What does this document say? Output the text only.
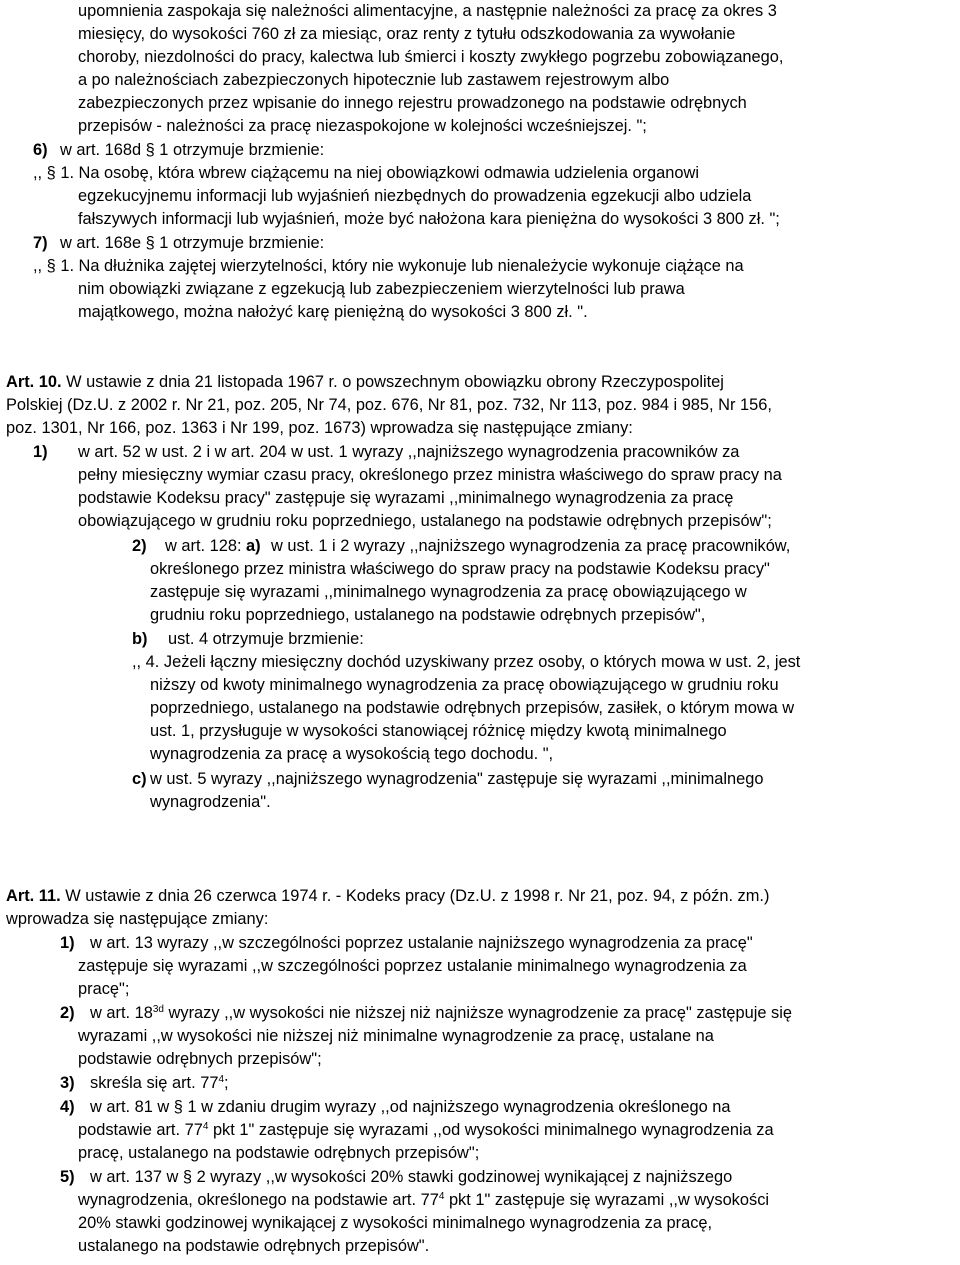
upomnienia zaspokaja się należności alimentacyjne, a następnie należności za pracę za okres 3
miesięcy, do wysokości 760 zł za miesiąc, oraz renty z tytułu odszkodowania za wywołanie
choroby, niezdolności do pracy, kalectwa lub śmierci i koszty zwykłego pogrzebu zobowiązanego,
a po należnościach zabezpieczonych hipotecznie lub zastawem rejestrowym albo
zabezpieczonych przez wpisanie do innego rejestru prowadzonego na podstawie odrębnych
przepisów - należności za pracę niezaspokojone w kolejności wcześniejszej. ";
6) w art. 168d § 1 otrzymuje brzmienie:
,, § 1. Na osobę, która wbrew ciążącemu na niej obowiązkowi odmawia udzielenia organowi
egzekucyjnemu informacji lub wyjaśnień niezbędnych do prowadzenia egzekucji albo udziela
fałszywych informacji lub wyjaśnień, może być nałożona kara pieniężna do wysokości 3 800 zł. ";
7) w art. 168e § 1 otrzymuje brzmienie:
,, § 1. Na dłużnika zajętej wierzytelności, który nie wykonuje lub nienależycie wykonuje ciążące na
nim obowiązki związane z egzekucją lub zabezpieczeniem wierzytelności lub prawa
majątkowego, można nałożyć karę pieniężną do wysokości 3 800 zł. ".
Art. 10. W ustawie z dnia 21 listopada 1967 r. o powszechnym obowiązku obrony Rzeczypospolitej
Polskiej (Dz.U. z 2002 r. Nr 21, poz. 205, Nr 74, poz. 676, Nr 81, poz. 732, Nr 113, poz. 984 i 985, Nr 156,
poz. 1301, Nr 166, poz. 1363 i Nr 199, poz. 1673) wprowadza się następujące zmiany:
1) w art. 52 w ust. 2 i w art. 204 w ust. 1 wyrazy ,,najniższego wynagrodzenia pracowników za
pełny miesięczny wymiar czasu pracy, określonego przez ministra właściwego do spraw pracy na
podstawie Kodeksu pracy" zastępuje się wyrazami ,,minimalnego wynagrodzenia za pracę
obowiązującego w grudniu roku poprzedniego, ustalanego na podstawie odrębnych przepisów";
2) w art. 128: a) w ust. 1 i 2 wyrazy ,,najniższego wynagrodzenia za pracę pracowników,
określonego przez ministra właściwego do spraw pracy na podstawie Kodeksu pracy"
zastępuje się wyrazami ,,minimalnego wynagrodzenia za pracę obowiązującego w
grudniu roku poprzedniego, ustalanego na podstawie odrębnych przepisów",
b) ust. 4 otrzymuje brzmienie:
,, 4. Jeżeli łączny miesięczny dochód uzyskiwany przez osoby, o których mowa w ust. 2, jest
niższy od kwoty minimalnego wynagrodzenia za pracę obowiązującego w grudniu roku
poprzedniego, ustalanego na podstawie odrębnych przepisów, zasiłek, o którym mowa w
ust. 1, przysługuje w wysokości stanowiącej różnicę między kwotą minimalnego
wynagrodzenia za pracę a wysokością tego dochodu. ",
c) w ust. 5 wyrazy ,,najniższego wynagrodzenia" zastępuje się wyrazami ,,minimalnego
wynagrodzenia".
Art. 11. W ustawie z dnia 26 czerwca 1974 r. - Kodeks pracy (Dz.U. z 1998 r. Nr 21, poz. 94, z późn. zm.)
wprowadza się następujące zmiany:
1) w art. 13 wyrazy ,,w szczególności poprzez ustalanie najniższego wynagrodzenia za pracę"
zastępuje się wyrazami ,,w szczególności poprzez ustalanie minimalnego wynagrodzenia za
pracę";
2) w art. $18^{3d}$ wyrazy ,,w wysokości nie niższej niż najniższe wynagrodzenie za pracę" zastępuje się
wyrazami ,,w wysokości nie niższej niż minimalne wynagrodzenie za pracę, ustalane na
podstawie odrębnych przepisów";
3) skreśla się art. $77^4$;
4) w art. 81 w § 1 w zdaniu drugim wyrazy ,,od najniższego wynagrodzenia określonego na
podstawie art. $77^4$ pkt 1" zastępuje się wyrazami ,,od wysokości minimalnego wynagrodzenia za
pracę, ustalanego na podstawie odrębnych przepisów";
5) w art. 137 w § 2 wyrazy ,,w wysokości 20% stawki godzinowej wynikającej z najniższego
wynagrodzenia, określonego na podstawie art. $77^4$ pkt 1" zastępuje się wyrazami ,,w wysokości
20% stawki godzinowej wynikającej z wysokości minimalnego wynagrodzenia za pracę,
ustalanego na podstawie odrębnych przepisów".
